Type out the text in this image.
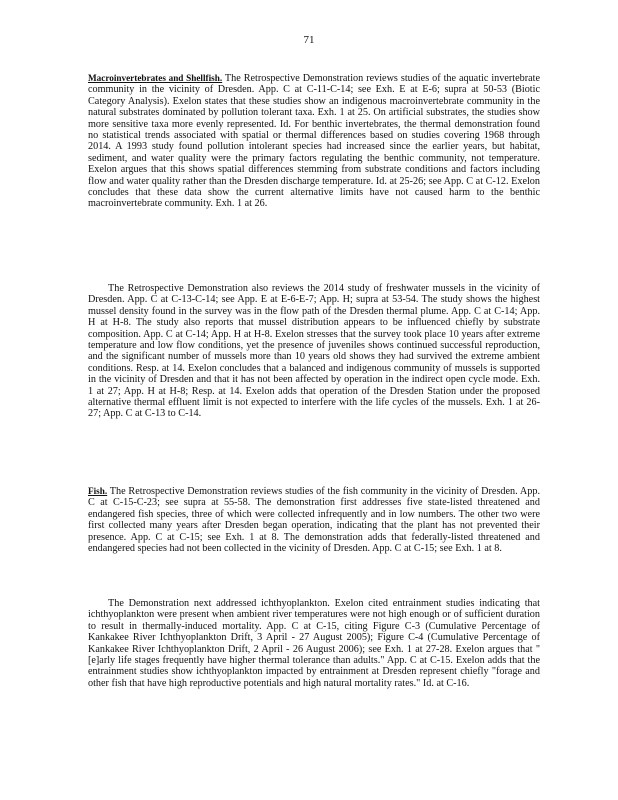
71

Macroinvertebrates and Shellfish. The Retrospective Demonstration reviews studies of the aquatic invertebrate community in the vicinity of Dresden. App. C at C-11-C-14; see Exh. E at E-6; supra at 50-53 (Biotic Category Analysis). Exelon states that these studies show an indigenous macroinvertebrate community in the natural substrates dominated by pollution tolerant taxa. Exh. 1 at 25. On artificial substrates, the studies show more sensitive taxa more evenly represented. Id. For benthic invertebrates, the thermal demonstration found no statistical trends associated with spatial or thermal differences based on studies covering 1968 through 2014. A 1993 study found pollution intolerant species had increased since the earlier years, but habitat, sediment, and water quality were the primary factors regulating the benthic community, not temperature. Exelon argues that this shows spatial differences stemming from substrate conditions and factors including flow and water quality rather than the Dresden discharge temperature. Id. at 25-26; see App. C at C-12. Exelon concludes that these data show the current alternative limits have not caused harm to the benthic macroinvertebrate community. Exh. 1 at 26.

The Retrospective Demonstration also reviews the 2014 study of freshwater mussels in the vicinity of Dresden. App. C at C-13-C-14; see App. E at E-6-E-7; App. H; supra at 53-54. The study shows the highest mussel density found in the survey was in the flow path of the Dresden thermal plume. App. C at C-14; App. H at H-8. The study also reports that mussel distribution appears to be influenced chiefly by substrate composition. App. C at C-14; App. H at H-8. Exelon stresses that the survey took place 10 years after extreme temperature and low flow conditions, yet the presence of juveniles shows continued successful reproduction, and the significant number of mussels more than 10 years old shows they had survived the extreme ambient conditions. Resp. at 14. Exelon concludes that a balanced and indigenous community of mussels is supported in the vicinity of Dresden and that it has not been affected by operation in the indirect open cycle mode. Exh. 1 at 27; App. H at H-8; Resp. at 14. Exelon adds that operation of the Dresden Station under the proposed alternative thermal effluent limit is not expected to interfere with the life cycles of the mussels. Exh. 1 at 26-27; App. C at C-13 to C-14.

Fish. The Retrospective Demonstration reviews studies of the fish community in the vicinity of Dresden. App. C at C-15-C-23; see supra at 55-58. The demonstration first addresses five state-listed threatened and endangered fish species, three of which were collected infrequently and in low numbers. The other two were first collected many years after Dresden began operation, indicating that the plant has not prevented their presence. App. C at C-15; see Exh. 1 at 8. The demonstration adds that federally-listed threatened and endangered species had not been collected in the vicinity of Dresden. App. C at C-15; see Exh. 1 at 8.

The Demonstration next addressed ichthyoplankton. Exelon cited entrainment studies indicating that ichthyoplankton were present when ambient river temperatures were not high enough or of sufficient duration to result in thermally-induced mortality. App. C at C-15, citing Figure C-3 (Cumulative Percentage of Kankakee River Ichthyoplankton Drift, 3 April - 27 August 2005); Figure C-4 (Cumulative Percentage of Kankakee River Ichthyoplankton Drift, 2 April - 26 August 2006); see Exh. 1 at 27-28. Exelon argues that "[e]arly life stages frequently have higher thermal tolerance than adults." App. C at C-15. Exelon adds that the entrainment studies show ichthyoplankton impacted by entrainment at Dresden represent chiefly "forage and other fish that have high reproductive potentials and high natural mortality rates." Id. at C-16.
